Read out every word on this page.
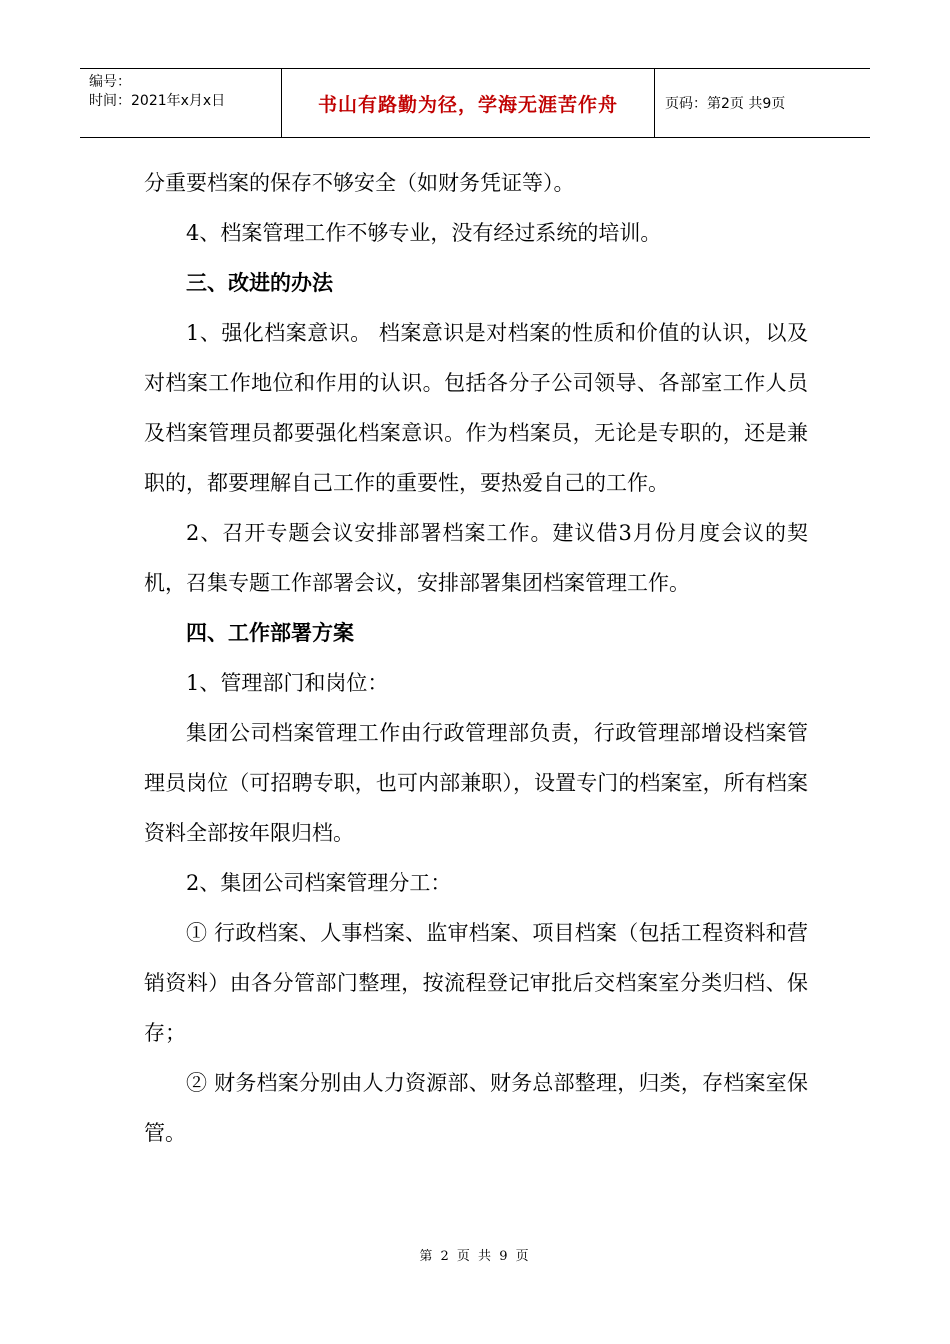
编号：
时间：2021年x月x日	书山有路勤为径，学海无涯苦作舟	页码：第2页 共9页

分重要档案的保存不够安全（如财务凭证等）。

4、档案管理工作不够专业，没有经过系统的培训。

三、改进的办法

1、强化档案意识。 档案意识是对档案的性质和价值的认识，以及对档案工作地位和作用的认识。包括各分子公司领导、各部室工作人员及档案管理员都要强化档案意识。作为档案员，无论是专职的，还是兼职的，都要理解自己工作的重要性，要热爱自己的工作。

2、召开专题会议安排部署档案工作。建议借3月份月度会议的契机，召集专题工作部署会议，安排部署集团档案管理工作。

四、工作部署方案

1、管理部门和岗位：

集团公司档案管理工作由行政管理部负责，行政管理部增设档案管理员岗位（可招聘专职，也可内部兼职），设置专门的档案室，所有档案资料全部按年限归档。

2、集团公司档案管理分工：

① 行政档案、人事档案、监审档案、项目档案（包括工程资料和营销资料）由各分管部门整理，按流程登记审批后交档案室分类归档、保存；

② 财务档案分别由人力资源部、财务总部整理，归类，存档案室保管。

第 2 页 共 9 页
